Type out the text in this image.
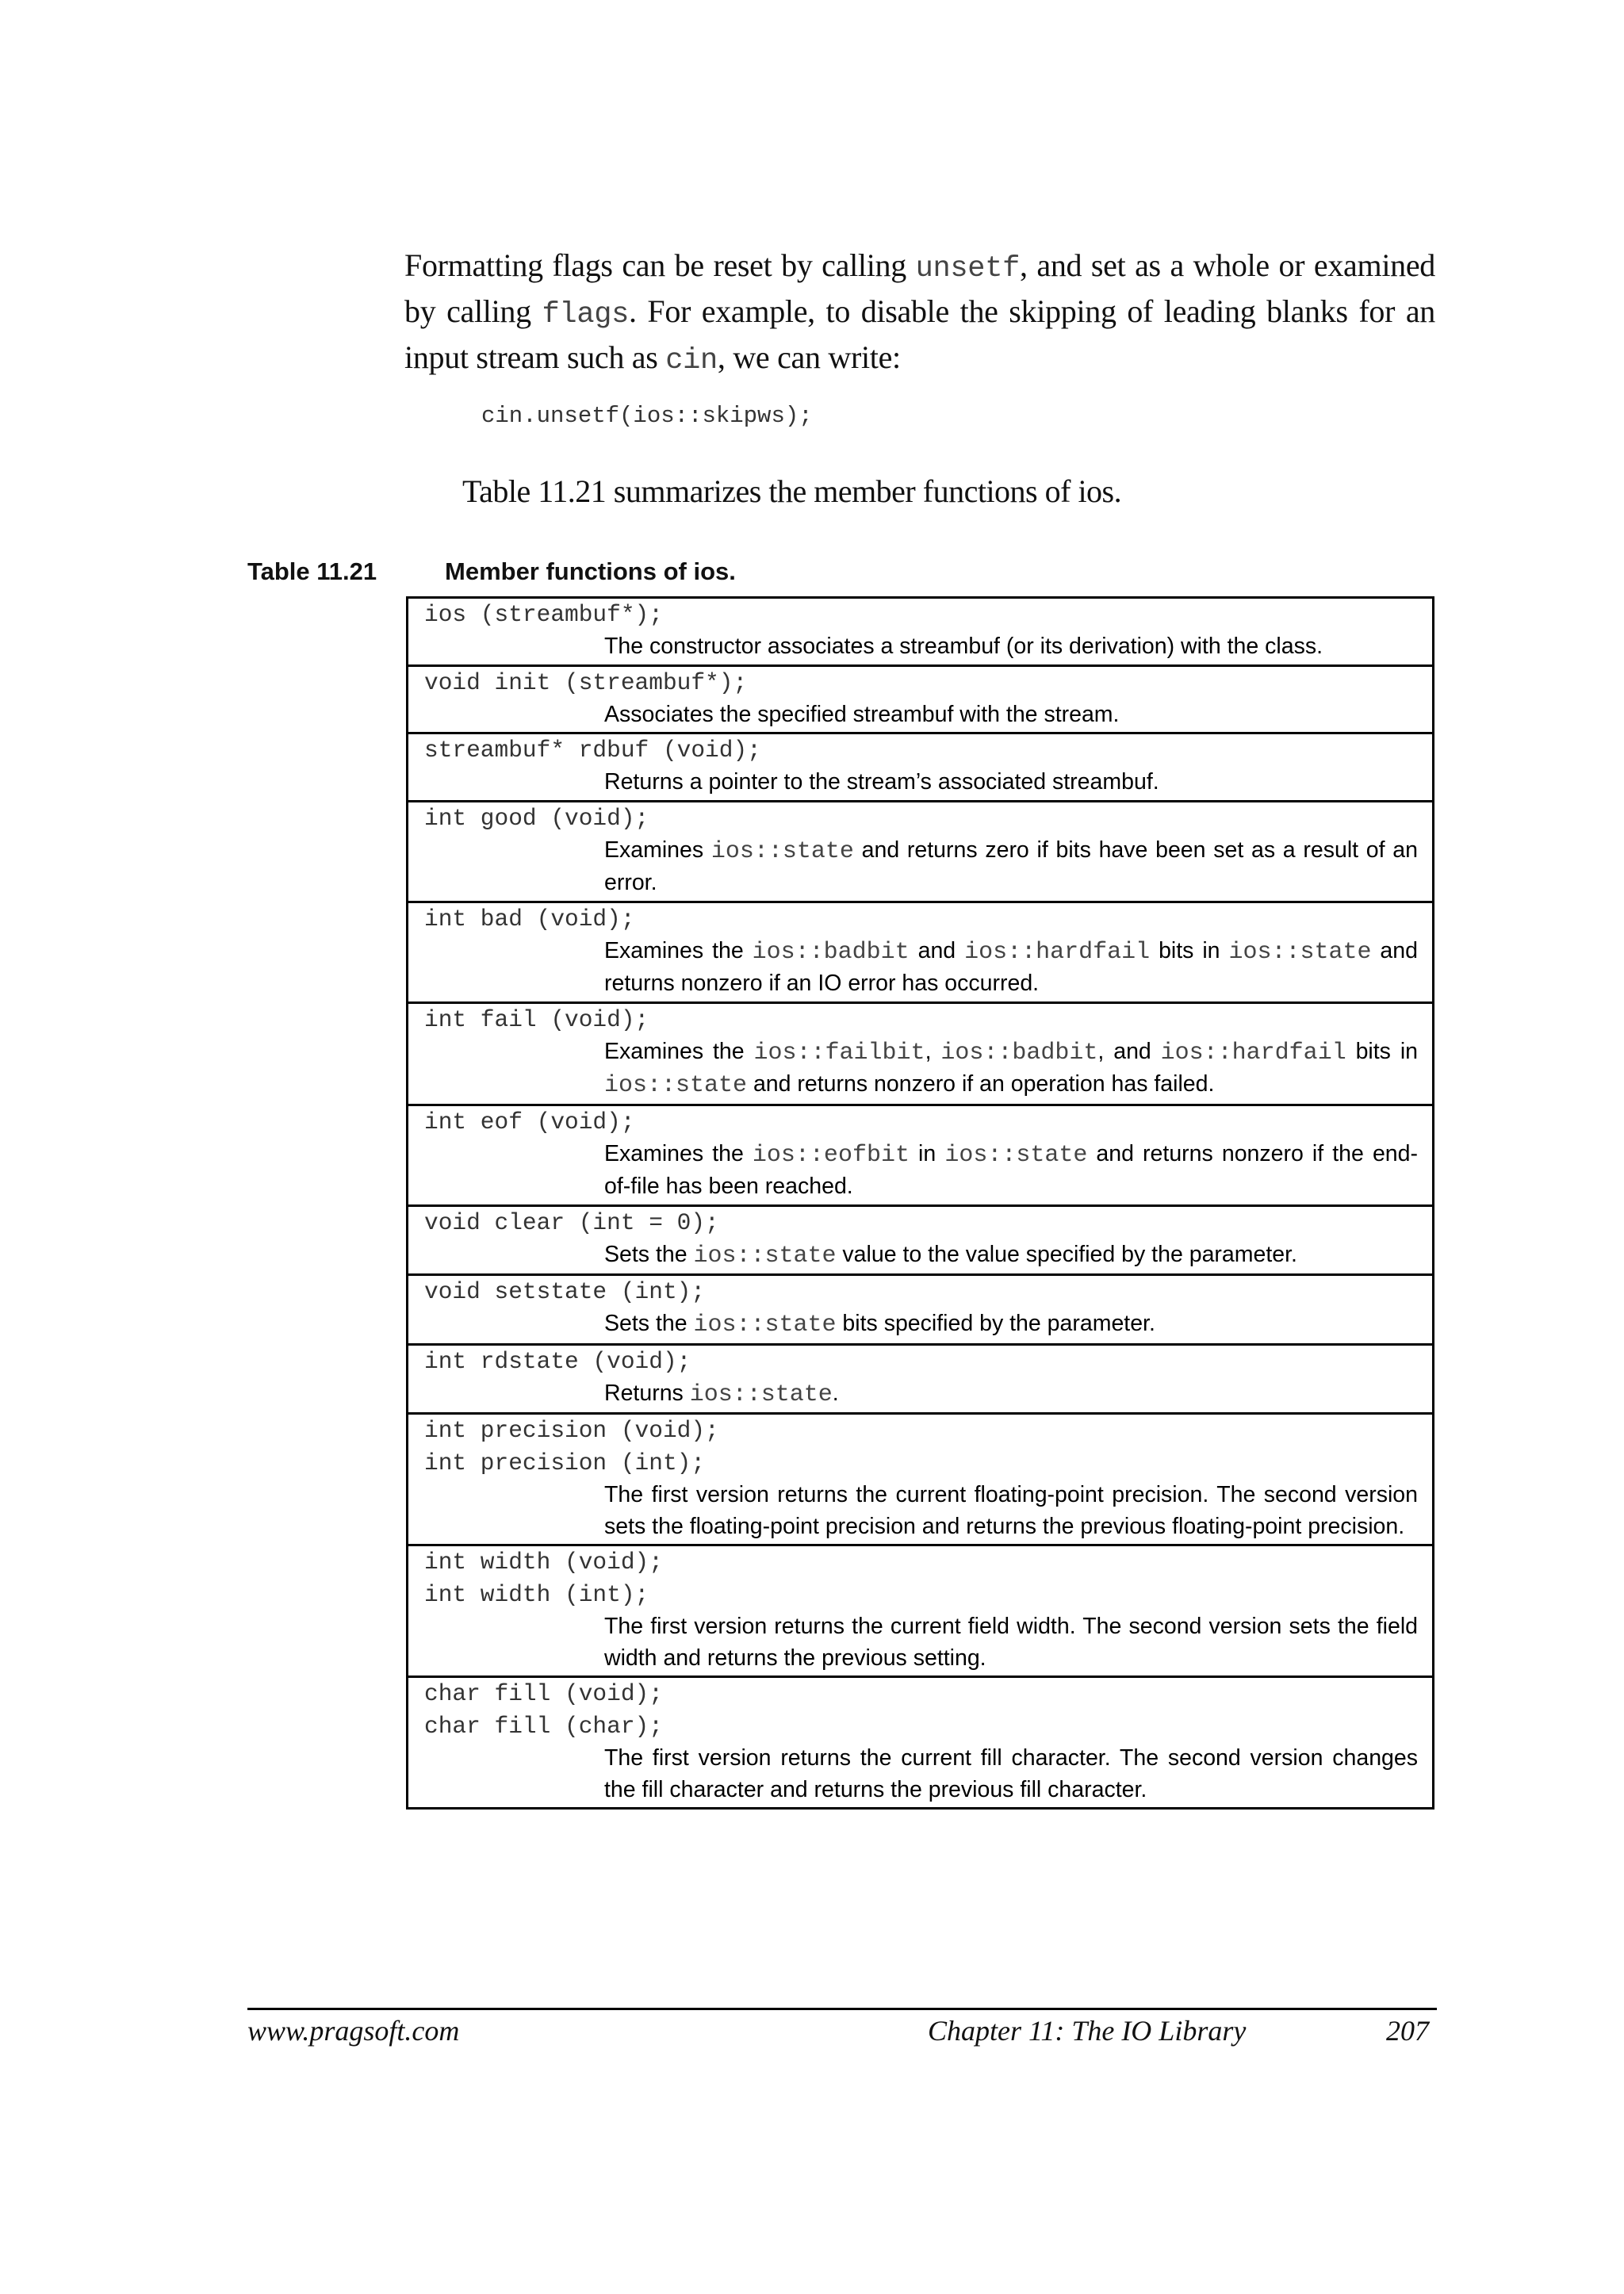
Formatting flags can be reset by calling unsetf, and set as a whole or examined by calling flags. For example, to disable the skipping of leading blanks for an input stream such as cin, we can write:

cin.unsetf(ios::skipws);
Table 11.21 summarizes the member functions of ios.
Table 11.21	Member functions of ios.
ios (streambuf*);
The constructor associates a streambuf (or its derivation) with the class.
void init (streambuf*);
Associates the specified streambuf with the stream.
streambuf* rdbuf (void);
Returns a pointer to the stream’s associated streambuf.
int good (void);
Examines ios::state and returns zero if bits have been set as a result of an error.
int bad (void);
Examines the ios::badbit and ios::hardfail bits in ios::state and returns nonzero if an IO error has occurred.
int fail (void);
Examines the ios::failbit, ios::badbit, and ios::hardfail bits in ios::state and returns nonzero if an operation has failed.
int eof (void);
Examines the ios::eofbit in ios::state and returns nonzero if the end-of-file has been reached.
void clear (int = 0);
Sets the ios::state value to the value specified by the parameter.
void setstate (int);
Sets the ios::state bits specified by the parameter.
int rdstate (void);
Returns ios::state.
int precision (void);
int precision (int);
The first version returns the current floating-point precision. The second version sets the floating-point precision and returns the previous floating-point precision.
int width (void);
int width (int);
The first version returns the current field width. The second version sets the field width and returns the previous setting.
char fill (void);
char fill (char);
The first version returns the current fill character. The second version changes the fill character and returns the previous fill character.
www.pragsoft.com	Chapter 11: The IO Library	207
